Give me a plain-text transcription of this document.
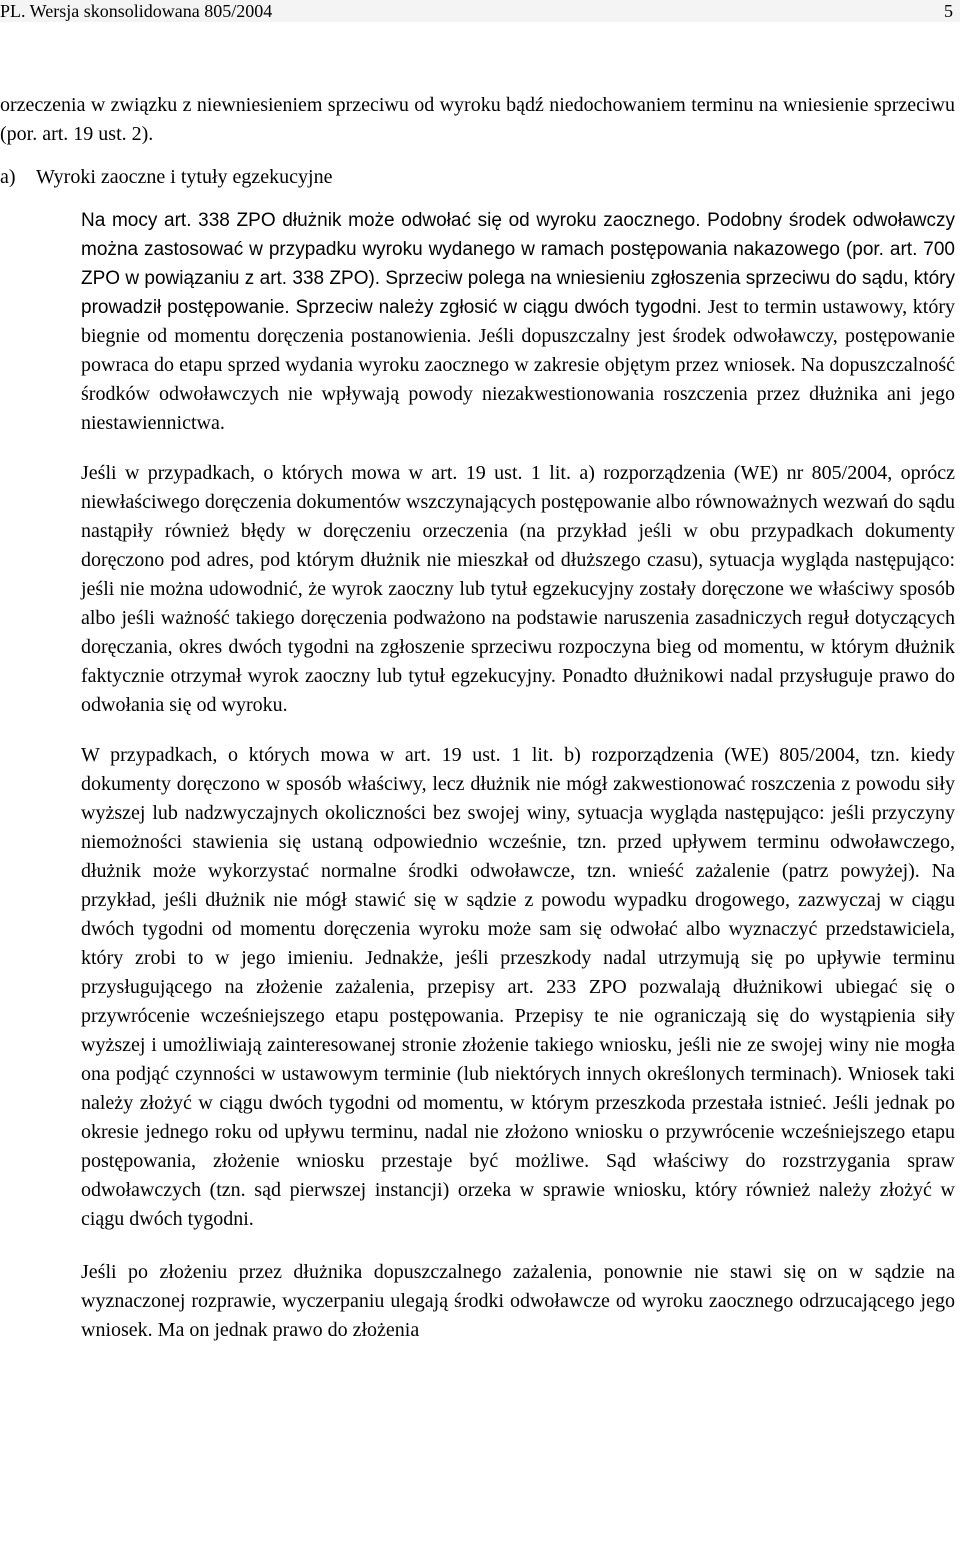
PL. Wersja skonsolidowana 805/2004	5

orzeczenia w związku z niewniesieniem sprzeciwu od wyroku bądź niedochowaniem terminu na wniesienie sprzeciwu (por. art. 19 ust. 2).

a) Wyroki zaoczne i tytuły egzekucyjne

Na mocy art. 338 ZPO dłużnik może odwołać się od wyroku zaocznego. Podobny środek odwoławczy można zastosować w przypadku wyroku wydanego w ramach postępowania nakazowego (por. art. 700 ZPO w powiązaniu z art. 338 ZPO). Sprzeciw polega na wniesieniu zgłoszenia sprzeciwu do sądu, który prowadził postępowanie. Sprzeciw należy zgłosić w ciągu dwóch tygodni. Jest to termin ustawowy, który biegnie od momentu doręczenia postanowienia. Jeśli dopuszczalny jest środek odwoławczy, postępowanie powraca do etapu sprzed wydania wyroku zaocznego w zakresie objętym przez wniosek. Na dopuszczalność środków odwoławczych nie wpływają powody niezakwestionowania roszczenia przez dłużnika ani jego niestawiennictwa.

Jeśli w przypadkach, o których mowa w art. 19 ust. 1 lit. a) rozporządzenia (WE) nr 805/2004, oprócz niewłaściwego doręczenia dokumentów wszczynających postępowanie albo równoważnych wezwań do sądu nastąpiły również błędy w doręczeniu orzeczenia (na przykład jeśli w obu przypadkach dokumenty doręczono pod adres, pod którym dłużnik nie mieszkał od dłuższego czasu), sytuacja wygląda następująco: jeśli nie można udowodnić, że wyrok zaoczny lub tytuł egzekucyjny zostały doręczone we właściwy sposób albo jeśli ważność takiego doręczenia podważono na podstawie naruszenia zasadniczych reguł dotyczących doręczania, okres dwóch tygodni na zgłoszenie sprzeciwu rozpoczyna bieg od momentu, w którym dłużnik faktycznie otrzymał wyrok zaoczny lub tytuł egzekucyjny. Ponadto dłużnikowi nadal przysługuje prawo do odwołania się od wyroku.

W przypadkach, o których mowa w art. 19 ust. 1 lit. b) rozporządzenia (WE) 805/2004, tzn. kiedy dokumenty doręczono w sposób właściwy, lecz dłużnik nie mógł zakwestionować roszczenia z powodu siły wyższej lub nadzwyczajnych okoliczności bez swojej winy, sytuacja wygląda następująco: jeśli przyczyny niemożności stawienia się ustaną odpowiednio wcześnie, tzn. przed upływem terminu odwoławczego, dłużnik może wykorzystać normalne środki odwoławcze, tzn. wnieść zażalenie (patrz powyżej). Na przykład, jeśli dłużnik nie mógł stawić się w sądzie z powodu wypadku drogowego, zazwyczaj w ciągu dwóch tygodni od momentu doręczenia wyroku może sam się odwołać albo wyznaczyć przedstawiciela, który zrobi to w jego imieniu. Jednakże, jeśli przeszkody nadal utrzymują się po upływie terminu przysługującego na złożenie zażalenia, przepisy art. 233 ZPO pozwalają dłużnikowi ubiegać się o przywrócenie wcześniejszego etapu postępowania. Przepisy te nie ograniczają się do wystąpienia siły wyższej i umożliwiają zainteresowanej stronie złożenie takiego wniosku, jeśli nie ze swojej winy nie mogła ona podjąć czynności w ustawowym terminie (lub niektórych innych określonych terminach). Wniosek taki należy złożyć w ciągu dwóch tygodni od momentu, w którym przeszkoda przestała istnieć. Jeśli jednak po okresie jednego roku od upływu terminu, nadal nie złożono wniosku o przywrócenie wcześniejszego etapu postępowania, złożenie wniosku przestaje być możliwe. Sąd właściwy do rozstrzygania spraw odwoławczych (tzn. sąd pierwszej instancji) orzeka w sprawie wniosku, który również należy złożyć w ciągu dwóch tygodni.

Jeśli po złożeniu przez dłużnika dopuszczalnego zażalenia, ponownie nie stawi się on w sądzie na wyznaczonej rozprawie, wyczerpaniu ulegają środki odwoławcze od wyroku zaocznego odrzucającego jego wniosek. Ma on jednak prawo do złożenia
